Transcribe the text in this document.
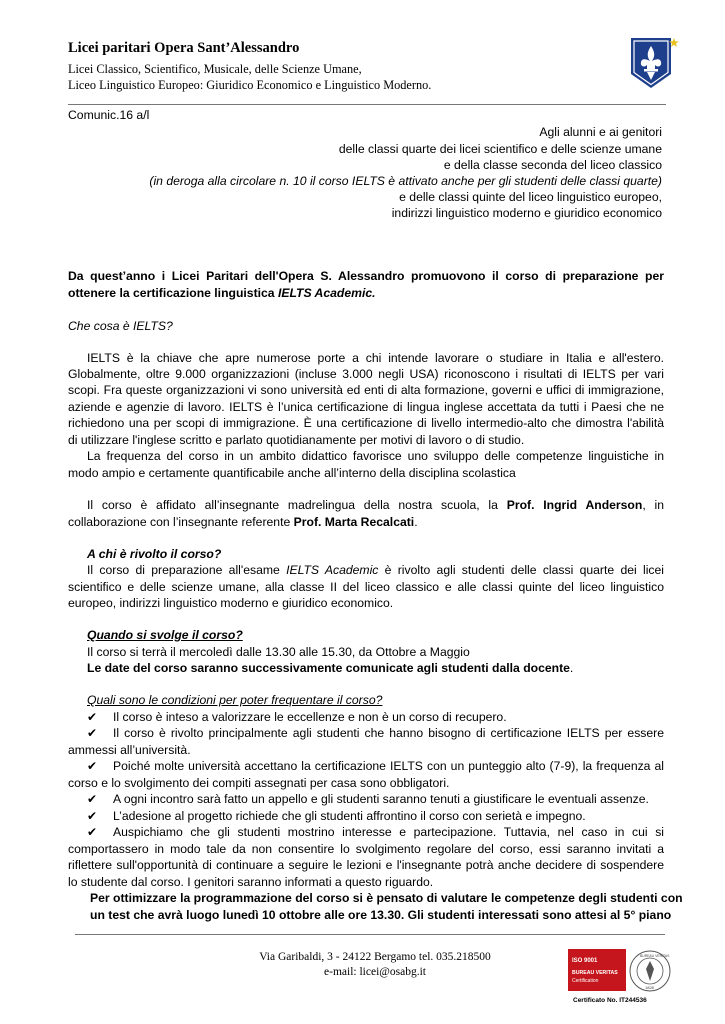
Licei paritari Opera Sant’Alessandro
Licei Classico, Scientifico, Musicale, delle Scienze Umane,
Liceo Linguistico Europeo: Giuridico Economico e Linguistico Moderno.
Comunic.16 a/l
Agli alunni e ai genitori
delle classi quarte dei licei scientifico e delle scienze umane
e della classe seconda del liceo classico
(in deroga alla circolare n. 10 il corso IELTS è attivato anche per gli studenti delle classi quarte)
e delle classi quinte del liceo linguistico europeo,
indirizzi linguistico moderno e giuridico economico
Da quest’anno i Licei Paritari dell'Opera S. Alessandro promuovono il corso di preparazione per
ottenere la certificazione linguistica IELTS Academic.
Che cosa è IELTS?
IELTS è la chiave che apre numerose porte a chi intende lavorare o studiare in Italia e all'estero.
Globalmente, oltre 9.000 organizzazioni (incluse 3.000 negli USA) riconoscono i risultati di IELTS per vari
scopi. Fra queste organizzazioni vi sono università ed enti di alta formazione, governi e uffici di immigrazione,
aziende e agenzie di lavoro. IELTS è l’unica certificazione di lingua inglese accettata da tutti i Paesi che ne
richiedono una per scopi di immigrazione. È una certificazione di livello intermedio-alto che dimostra l'abilità
di utilizzare l'inglese scritto e parlato quotidianamente per motivi di lavoro o di studio.
La frequenza del corso in un ambito didattico favorisce uno sviluppo delle competenze linguistiche in
modo ampio e certamente quantificabile anche all’interno della disciplina scolastica
Il corso è affidato all’insegnante madrelingua della nostra scuola, la Prof. Ingrid Anderson, in
collaborazione con l’insegnante referente Prof. Marta Recalcati.
A chi è rivolto il corso?
Il corso di preparazione all'esame IELTS Academic è rivolto agli studenti delle classi quarte dei licei
scientifico e delle scienze umane, alla classe II del liceo classico e alle classi quinte del liceo linguistico
europeo, indirizzi linguistico moderno e giuridico economico.
Quando si svolge il corso?
Il corso si terrà il mercoledì dalle 13.30 alle 15.30, da Ottobre a Maggio
Le date del corso saranno successivamente comunicate agli studenti dalla docente.
Quali sono le condizioni per poter frequentare il corso?
✔ Il corso è inteso a valorizzare le eccellenze e non è un corso di recupero.
✔ Il corso è rivolto principalmente agli studenti che hanno bisogno di certificazione IELTS per essere
ammessi all’università.
✔ Poiché molte università accettano la certificazione IELTS con un punteggio alto (7-9), la frequenza al
corso e lo svolgimento dei compiti assegnati per casa sono obbligatori.
✔ A ogni incontro sarà fatto un appello e gli studenti saranno tenuti a giustificare le eventuali assenze.
✔ L’adesione al progetto richiede che gli studenti affrontino il corso con serietà e impegno.
✔ Auspichiamo che gli studenti mostrino interesse e partecipazione. Tuttavia, nel caso in cui si
comportassero in modo tale da non consentire lo svolgimento regolare del corso, essi saranno invitati a
riflettere sull'opportunità di continuare a seguire le lezioni e l'insegnante potrà anche decidere di sospendere
lo studente dal corso. I genitori saranno informati a questo riguardo.
Per ottimizzare la programmazione del corso si è pensato di valutare le competenze degli studenti con
un test che avrà luogo lunedì 10 ottobre alle ore 13.30. Gli studenti interessati sono attesi al 5° piano
Via Garibaldi, 3 - 24122 Bergamo tel. 035.218500
e-mail: licei@osabg.it
ISO 9001
BUREAU VERITAS
Certification
BUREAU VERITAS
1828
Certificato No. IT244536
